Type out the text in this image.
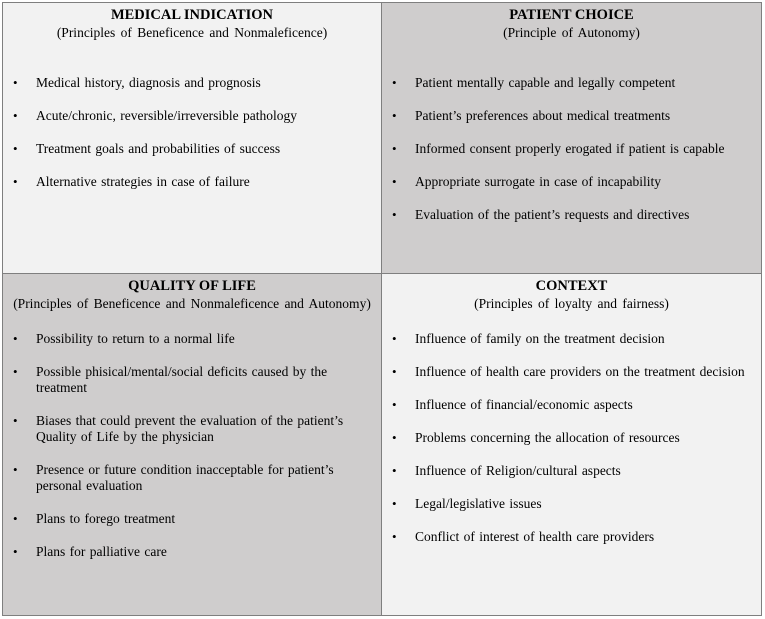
MEDICAL INDICATION

(Principles of Beneficence and Nonmaleficence)

• Medical history, diagnosis and prognosis
• Acute/chronic, reversible/irreversible pathology
• Treatment goals and probabilities of success
• Alternative strategies in case of failure

PATIENT CHOICE

(Principle of Autonomy)

• Patient mentally capable and legally competent
• Patient’s preferences about medical treatments
• Informed consent properly erogated if patient is capable
• Appropriate surrogate in case of incapability
• Evaluation of the patient’s requests and directives

QUALITY OF LIFE

(Principles of Beneficence and Nonmaleficence and Autonomy)

• Possibility to return to a normal life
• Possible phisical/mental/social deficits caused by the treatment
• Biases that could prevent the evaluation of the patient’s Quality of Life by the physician
• Presence or future condition inacceptable for patient’s personal evaluation
• Plans to forego treatment
• Plans for palliative care

CONTEXT

(Principles of loyalty and fairness)

• Influence of family on the treatment decision
• Influence of health care providers on the treatment decision
• Influence of financial/economic aspects
• Problems concerning the allocation of resources
• Influence of Religion/cultural aspects
• Legal/legislative issues
• Conflict of interest of health care providers
